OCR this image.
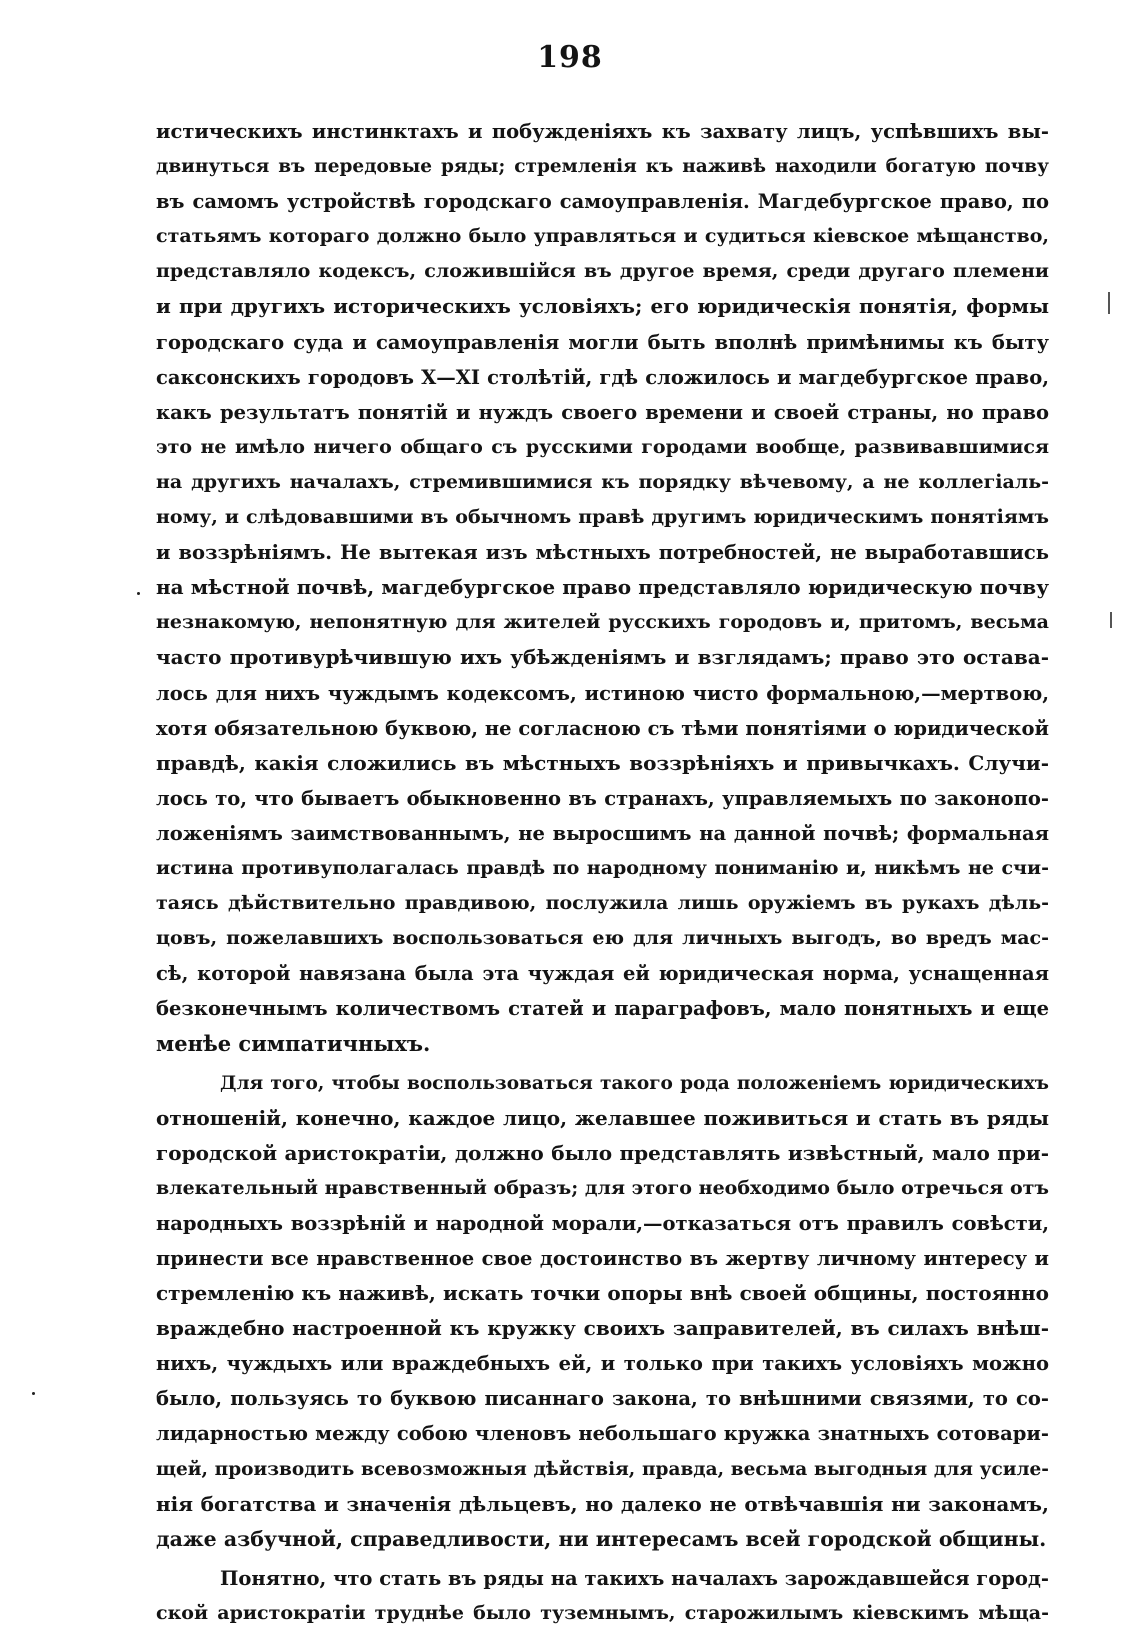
198
истическихъ инстинктахъ и побужденіяхъ къ захвату лицъ, успѣвшихъ вы-
двинуться въ передовые ряды; стремленія къ наживѣ находили богатую почву
въ самомъ устройствѣ городскаго самоуправленія. Магдебургское право, по
статьямъ котораго должно было управляться и судиться кіевское мѣщанство,
представляло кодексъ, сложившійся въ другое время, среди другаго племени
и при другихъ историческихъ условіяхъ; его юридическія понятія, формы
городскаго суда и самоуправленія могли быть вполнѣ примѣнимы къ быту
саксонскихъ городовъ X—XI столѣтій, гдѣ сложилось и магдебургское право,
какъ результатъ понятій и нуждъ своего времени и своей страны, но право
это не имѣло ничего общаго съ русскими городами вообще, развивавшимися
на другихъ началахъ, стремившимися къ порядку вѣчевому, а не коллегіаль-
ному, и слѣдовавшими въ обычномъ правѣ другимъ юридическимъ понятіямъ
и воззрѣніямъ. Не вытекая изъ мѣстныхъ потребностей, не выработавшись
на мѣстной почвѣ, магдебургское право представляло юридическую почву
незнакомую, непонятную для жителей русскихъ городовъ и, притомъ, весьма
часто противурѣчившую ихъ убѣжденіямъ и взглядамъ; право это остава-
лось для нихъ чуждымъ кодексомъ, истиною чисто формальною,—мертвою,
хотя обязательною буквою, не согласною съ тѣми понятіями о юридической
правдѣ, какія сложились въ мѣстныхъ воззрѣніяхъ и привычкахъ. Случи-
лось то, что бываетъ обыкновенно въ странахъ, управляемыхъ по законопо-
ложеніямъ заимствованнымъ, не выросшимъ на данной почвѣ; формальная
истина противуполагалась правдѣ по народному пониманію и, никѣмъ не счи-
таясь дѣйствительно правдивою, послужила лишь оружіемъ въ рукахъ дѣль-
цовъ, пожелавшихъ воспользоваться ею для личныхъ выгодъ, во вредъ мас-
сѣ, которой навязана была эта чуждая ей юридическая норма, уснащенная
безконечнымъ количествомъ статей и параграфовъ, мало понятныхъ и еще
менѣе симпатичныхъ.
Для того, чтобы воспользоваться такого рода положеніемъ юридическихъ
отношеній, конечно, каждое лицо, желавшее поживиться и стать въ ряды
городской аристократіи, должно было представлять извѣстный, мало при-
влекательный нравственный образъ; для этого необходимо было отречься отъ
народныхъ воззрѣній и народной морали,—отказаться отъ правилъ совѣсти,
принести все нравственное свое достоинство въ жертву личному интересу и
стремленію къ наживѣ, искать точки опоры внѣ своей общины, постоянно
враждебно настроенной къ кружку своихъ заправителей, въ силахъ внѣш-
нихъ, чуждыхъ или враждебныхъ ей, и только при такихъ условіяхъ можно
было, пользуясь то буквою писаннаго закона, то внѣшними связями, то со-
лидарностью между собою членовъ небольшаго кружка знатныхъ сотовари-
щей, производить всевозможныя дѣйствія, правда, весьма выгодныя для усиле-
нія богатства и значенія дѣльцевъ, но далеко не отвѣчавшія ни законамъ,
даже азбучной, справедливости, ни интересамъ всей городской общины.
Понятно, что стать въ ряды на такихъ началахъ зарождавшейся город-
ской аристократіи труднѣе было туземнымъ, старожилымъ кіевскимъ мѣща-
